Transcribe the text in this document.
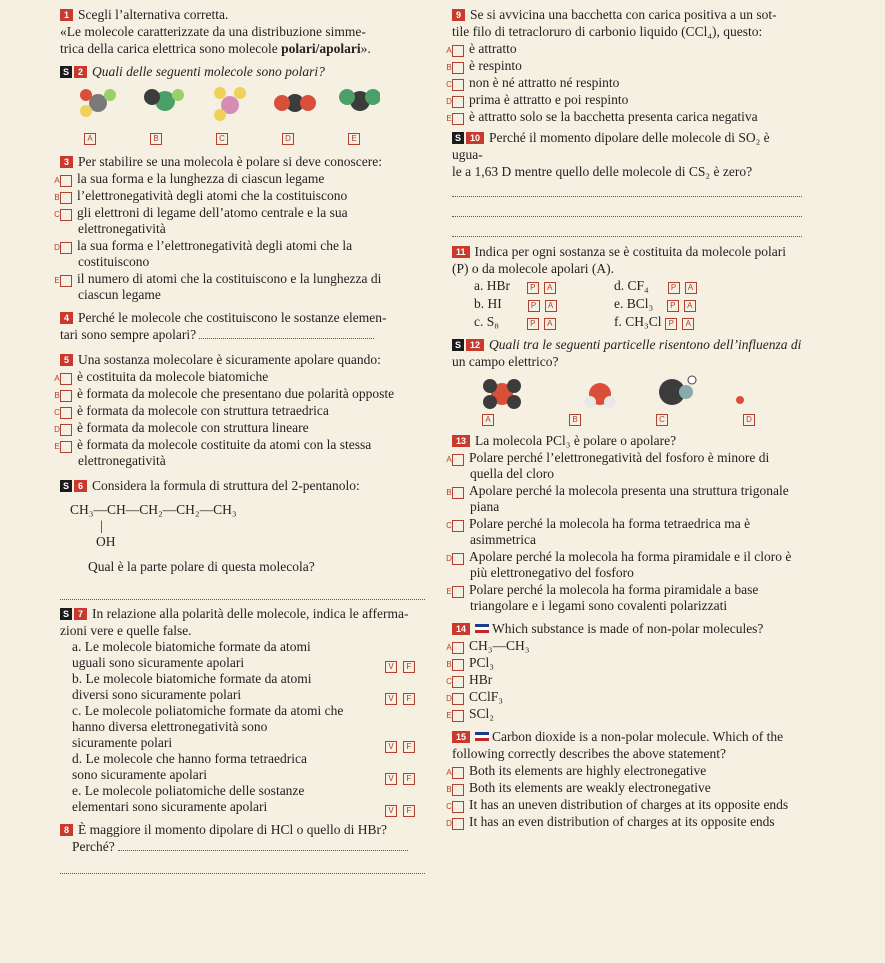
1 Scegli l’alternativa corretta.
«Le molecole caratterizzate da una distribuzione simme-
trica della carica elettrica sono molecole polari/apolari».
S 2 Quali delle seguenti molecole sono polari?
A	B	C	D	E
3 Per stabilire se una molecola è polare si deve conoscere:
A la sua forma e la lunghezza di ciascun legame
B l’elettronegatività degli atomi che la costituiscono
C gli elettroni di legame dell’atomo centrale e la sua elettronegatività
D la sua forma e l’elettronegatività degli atomi che la costituiscono
E il numero di atomi che la costituiscono e la lunghezza di ciascun legame
4 Perché le molecole che costituiscono le sostanze elemen-
tari sono sempre apolari?
5 Una sostanza molecolare è sicuramente apolare quando:
A è costituita da molecole biatomiche
B è formata da molecole che presentano due polarità opposte
C è formata da molecole con struttura tetraedrica
D è formata da molecole con struttura lineare
E è formata da molecole costituite da atomi con la stessa elettronegatività
S 6 Considera la formula di struttura del 2-pentanolo:
CH₃—CH—CH₂—CH₂—CH₃
|
OH
Qual è la parte polare di questa molecola?
S 7 In relazione alla polarità delle molecole, indica le afferma-
zioni vere e quelle false.
a. Le molecole biatomiche formate da atomi
uguali sono sicuramente apolari	V F
b. Le molecole biatomiche formate da atomi
diversi sono sicuramente polari	V F
c. Le molecole poliatomiche formate da atomi che
hanno diversa elettronegatività sono
sicuramente polari	V F
d. Le molecole che hanno forma tetraedrica
sono sicuramente apolari	V F
e. Le molecole poliatomiche delle sostanze
elementari sono sicuramente apolari	V F
8 È maggiore il momento dipolare di HCl o quello di HBr?
Perché?
9 Se si avvicina una bacchetta con carica positiva a un sot-
tile filo di tetracloruro di carbonio liquido (CCl₄), questo:
A è attratto
B è respinto
C non è né attratto né respinto
D prima è attratto e poi respinto
E è attratto solo se la bacchetta presenta carica negativa
S 10 Perché il momento dipolare delle molecole di SO₂ è ugua-
le a 1,63 D mentre quello delle molecole di CS₂ è zero?
11 Indica per ogni sostanza se è costituita da molecole polari
(P) o da molecole apolari (A).
a. HBr	P A	d. CF₄	P A
b. HI	P A	e. BCl₃ P A
c. S₈	P A	f. CH₃Cl P A
S 12 Quali tra le seguenti particelle risentono dell’influenza di
un campo elettrico?
A	B	C	D
13 La molecola PCl₃ è polare o apolare?
A Polare perché l’elettronegatività del fosforo è minore di quella del cloro
B Apolare perché la molecola presenta una struttura trigonale piana
C Polare perché la molecola ha forma tetraedrica ma è asimmetrica
D Apolare perché la molecola ha forma piramidale e il cloro è più elettronegativo del fosforo
E Polare perché la molecola ha forma piramidale a base triangolare e i legami sono covalenti polarizzati
14 Which substance is made of non-polar molecules?
A CH₃—CH₃
B PCl₃
C HBr
D CClF₃
E SCl₂
15 Carbon dioxide is a non-polar molecule. Which of the
following correctly describes the above statement?
A Both its elements are highly electronegative
B Both its elements are weakly electronegative
C It has an uneven distribution of charges at its opposite ends
D It has an even distribution of charges at its opposite ends
